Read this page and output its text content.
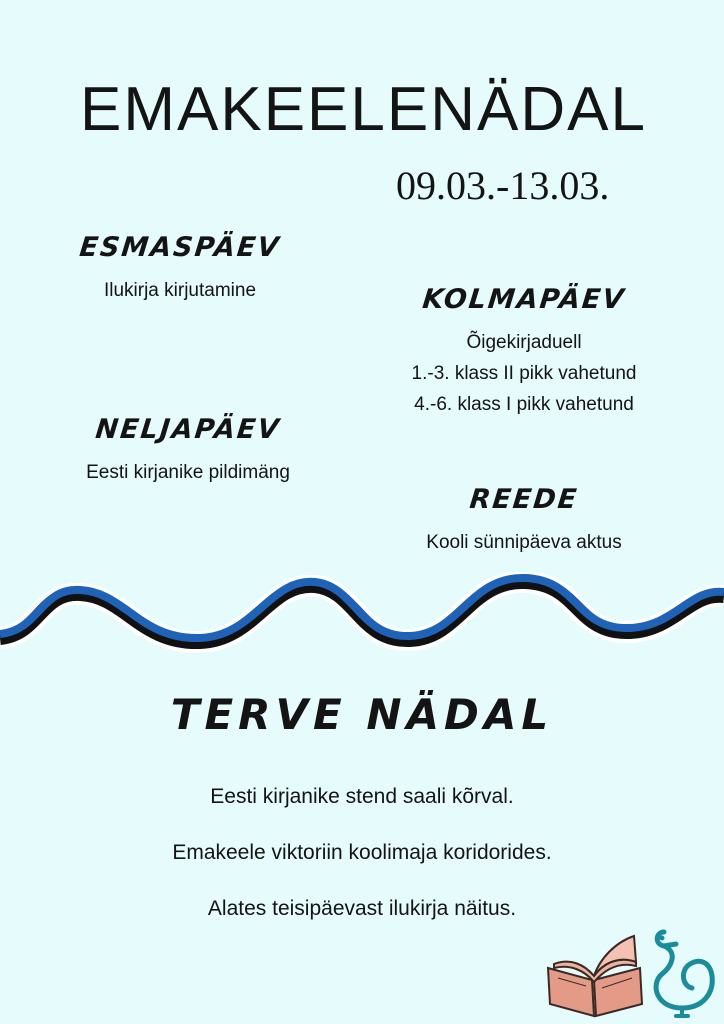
EMAKEELENÄDAL
09.03.-13.03.
ESMASPÄEV
Ilukirja kirjutamine	KOLMAPÄEV
Õigekirjaduell
1.-3. klass II pikk vahetund
4.-6. klass I pikk vahetund
NELJAPÄEV
Eesti kirjanike pildimäng
REEDE
Kooli sünnipäeva aktus
TERVE NÄDAL
Eesti kirjanike stend saali kõrval.
Emakeele viktoriin koolimaja koridorides.
Alates teisipäevast ilukirja näitus.
